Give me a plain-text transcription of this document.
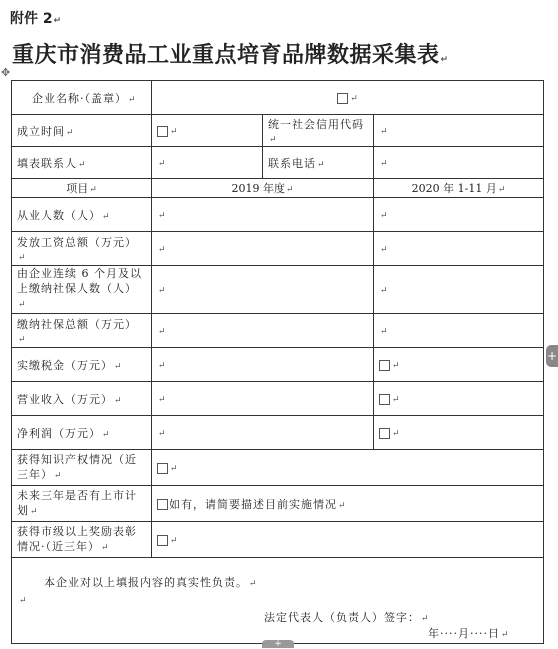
附件 2↵
重庆市消费品工业重点培育品牌数据采集表↵
✥
企业名称·（盖章）↵	↵		
成立时间↵	↵	统一社会信用代码↵	↵
填表联系人↵	↵	联系电话↵	↵
项目↵	2019 年度↵		2020 年 1-11 月↵
从业人数（人）↵	↵		↵
发放工资总额（万元）↵	↵		↵
由企业连续 6 个月及以上缴纳社保人数（人）↵	↵		↵
缴纳社保总额（万元）↵	↵		↵
实缴税金（万元）↵	↵		↵
营业收入（万元）↵	↵		↵
净利润（万元）↵	↵		↵
获得知识产权情况（近三年）↵	↵		
未来三年是否有上市计划↵	如有，请简要描述目前实施情况↵		
获得市级以上奖励表彰情况·（近三年）↵	↵		

本企业对以上填报内容的真实性负责。↵
↵
法定代表人（负责人）签字：↵
年····月····日↵			
+
+
